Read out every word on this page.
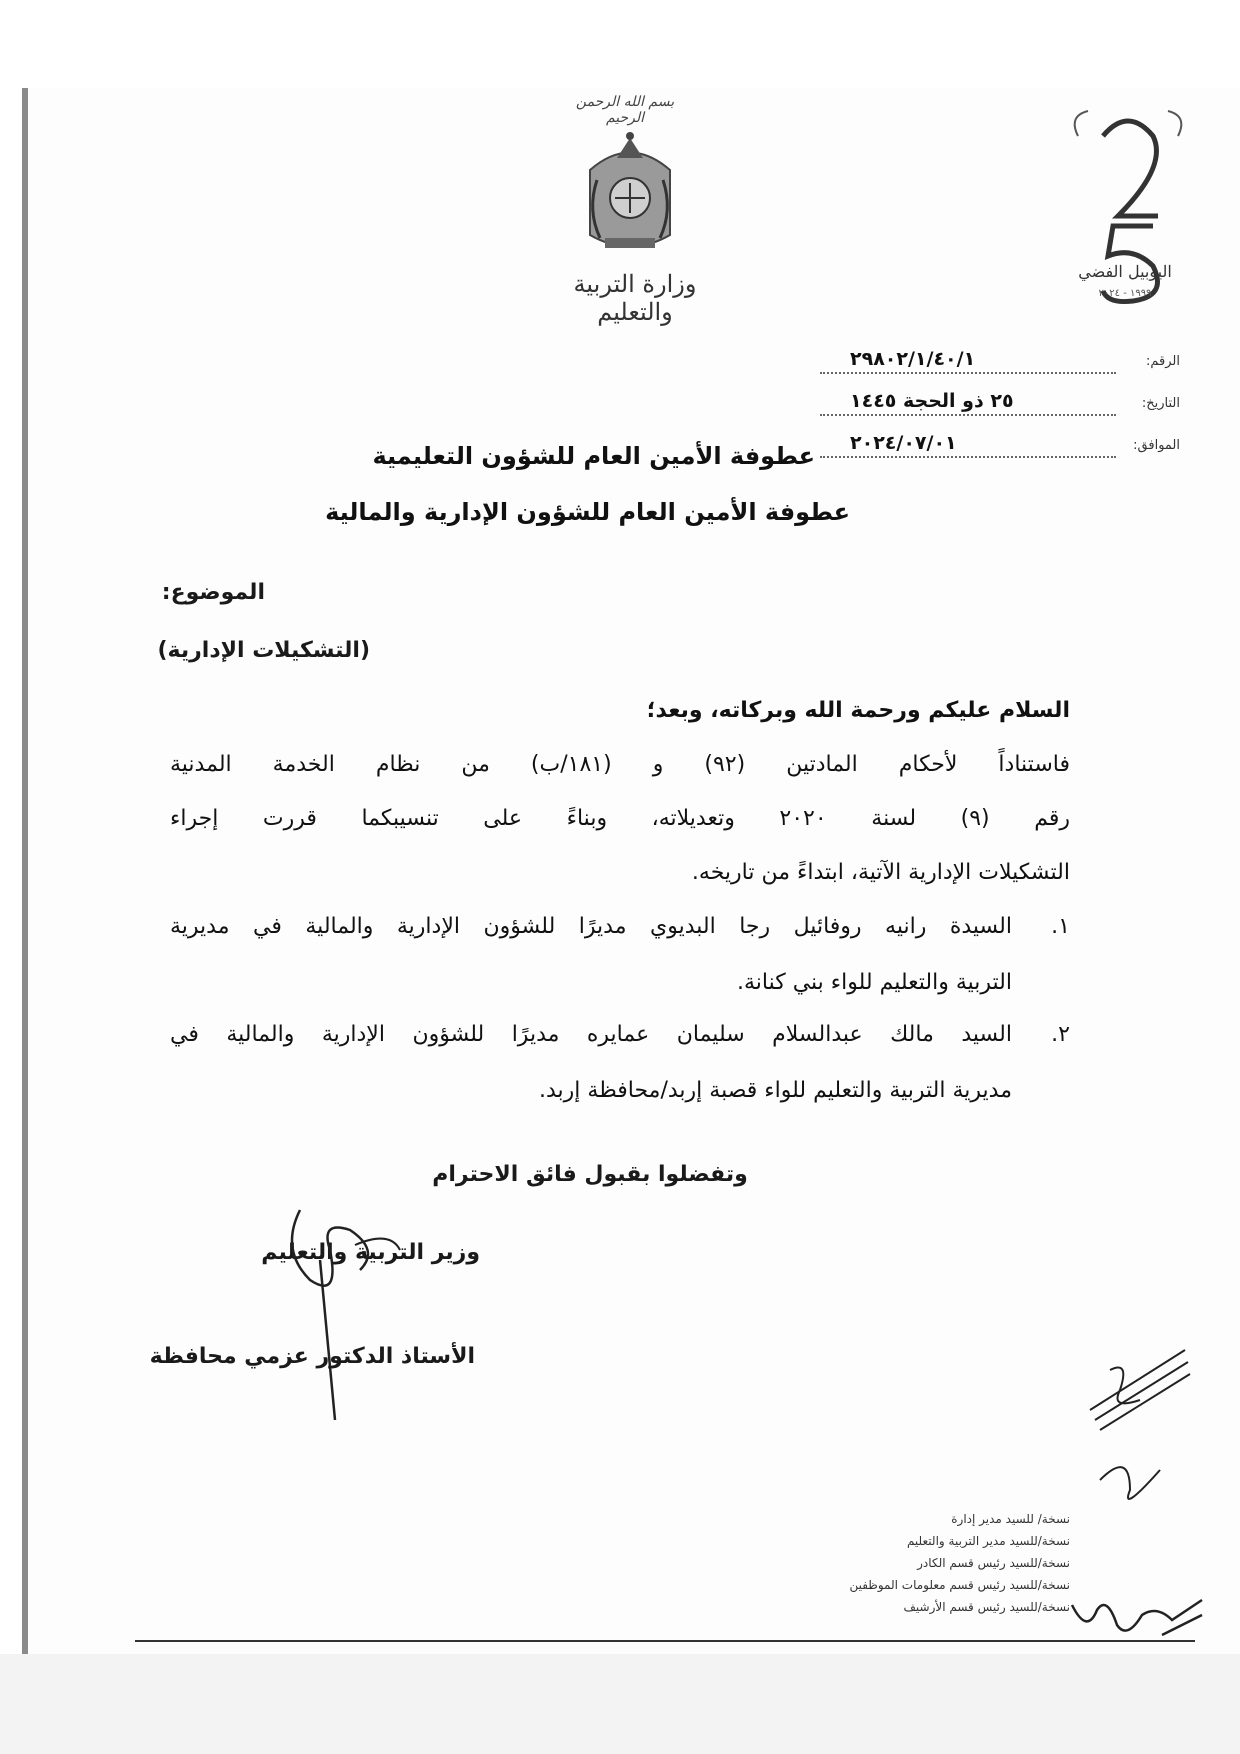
بسم الله الرحمن الرحيم
وزارة التربية والتعليم
اليوبيل الفضي
١٩٩٩ - ٢٠٢٤
الرقم:
٢٩٨٠٢/١/٤٠/١
التاريخ:
٢٥ ذو الحجة ١٤٤٥
الموافق:
٢٠٢٤/٠٧/٠١
عطوفة الأمين العام للشؤون التعليمية
عطوفة الأمين العام للشؤون الإدارية والمالية
الموضوع:
(التشكيلات الإدارية)
السلام عليكم ورحمة الله وبركاته، وبعد؛
فاستناداً لأحكام المادتين (٩٢) و (١٨١/ب) من نظام الخدمة المدنية
رقم (٩) لسنة ٢٠٢٠ وتعديلاته، وبناءً على تنسيبكما قررت إجراء
التشكيلات الإدارية الآتية، ابتداءً من تاريخه.
١.
السيدة رانيه روفائيل رجا البديوي مديرًا للشؤون الإدارية والمالية في مديرية
التربية والتعليم للواء بني كنانة.
٢.
السيد مالك عبدالسلام سليمان عمايره مديرًا للشؤون الإدارية والمالية في
مديرية التربية والتعليم للواء قصبة إربد/محافظة إربد.
وتفضلوا بقبول فائق الاحترام
وزير التربية والتعليم
الأستاذ الدكتور عزمي محافظة
نسخة/ للسيد مدير إدارة
نسخة/للسيد مدير التربية والتعليم
نسخة/للسيد رئيس قسم الكادر
نسخة/للسيد رئيس قسم معلومات الموظفين
نسخة/للسيد رئيس قسم الأرشيف
